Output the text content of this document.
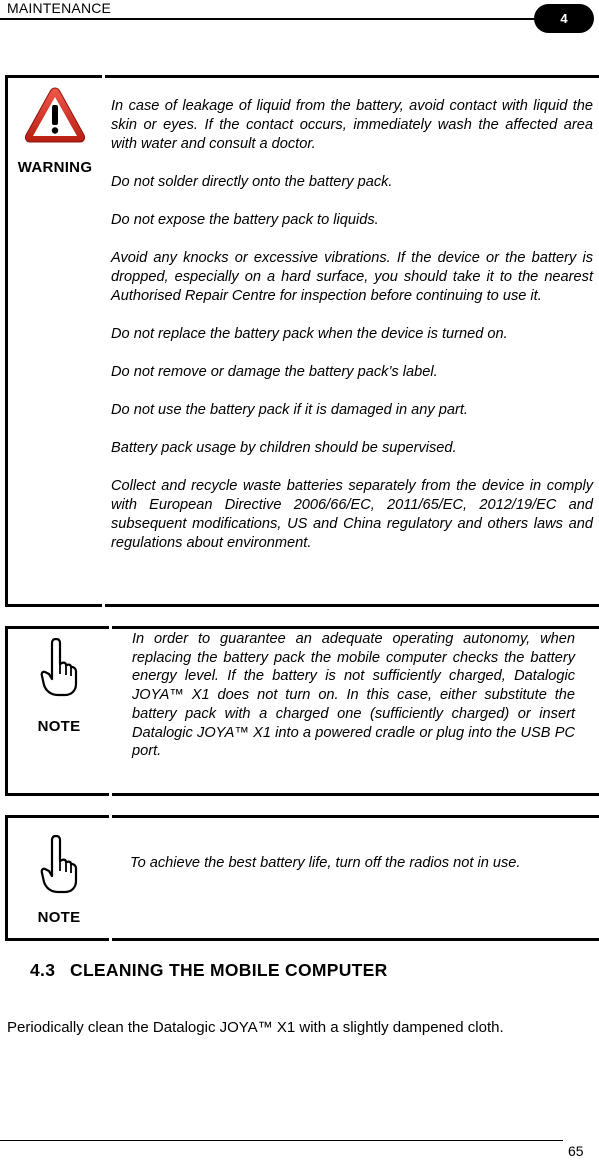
MAINTENANCE
4
WARNING

In case of leakage of liquid from the battery, avoid contact with liquid the skin or eyes. If the contact occurs, immediately wash the affected area with water and consult a doctor.

Do not solder directly onto the battery pack.

Do not expose the battery pack to liquids.

Avoid any knocks or excessive vibrations. If the device or the battery is dropped, especially on a hard surface, you should take it to the nearest Authorised Repair Centre for inspection before continuing to use it.

Do not replace the battery pack when the device is turned on.

Do not remove or damage the battery pack’s label.

Do not use the battery pack if it is damaged in any part.

Battery pack usage by children should be supervised.

Collect and recycle waste batteries separately from the device in comply with European Directive 2006/66/EC, 2011/65/EC, 2012/19/EC and subsequent modifications, US and China regulatory and others laws and regulations about environment.

NOTE
In order to guarantee an adequate operating autonomy, when replacing the battery pack the mobile computer checks the battery energy level. If the battery is not sufficiently charged, Datalogic JOYA™ X1 does not turn on. In this case, either substitute the battery pack with a charged one (sufficiently charged) or insert Datalogic JOYA™ X1 into a powered cradle or plug into the USB PC port.
NOTE
To achieve the best battery life, turn off the radios not in use.
4.3 CLEANING THE MOBILE COMPUTER
Periodically clean the Datalogic JOYA™ X1 with a slightly dampened cloth.
65
